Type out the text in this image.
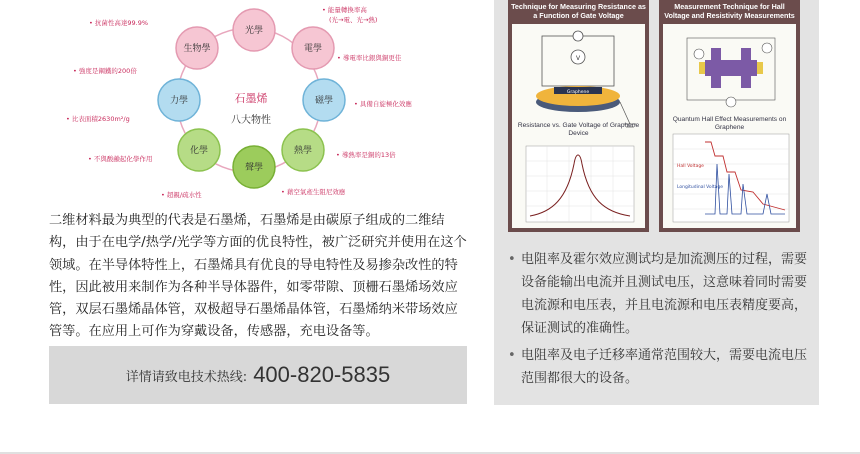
石墨烯
八大物性
光學
電學
磁學
熱學
聲學
化學
力學
生物學
• 抗菌性高達99.9%
• 能量轉換率高
(光→電、光→熱)
• 導電率比銀與銅更佳
• 強度是鋼鐵的200倍
• 具備自旋極化效應
• 比表面積2630m²/g
• 導熱率是銅的13倍
• 不與酸鹼起化學作用
• 藉空氣產生阻尼效應
• 超親/疏水性
二维材料最为典型的代表是石墨烯，石墨烯是由碳原子组成的二维结构，由于在电学/热学/光学等方面的优良特性，被广泛研究并使用在这个领域。在半导体特性上，石墨烯具有优良的导电特性及易掺杂改性的特性，因此被用来制作为各种半导体器件，如零带隙、顶栅石墨烯场效应管，双层石墨烯晶体管，双极超导石墨烯晶体管，石墨烯纳米带场效应管等。在应用上可作为穿戴设备，传感器，充电设备等。
详情请致电技术热线: 400-820-5835
Technique for Measuring Resistance as a Function of Gate Voltage
V
Graphene
Resistance vs. Gate Voltage of Graphene Device
Measurement Technique for Hall Voltage and Resistivity Measurements
Hall Voltage
Longitudinal Voltage
Quantum Hall Effect Measurements on Graphene
• 电阻率及霍尔效应测试均是加流测压的过程，需要设备能输出电流并且测试电压，这意味着同时需要电流源和电压表，并且电流源和电压表精度要高，保证测试的准确性。
• 电阻率及电子迁移率通常范围较大，需要电流电压范围都很大的设备。
